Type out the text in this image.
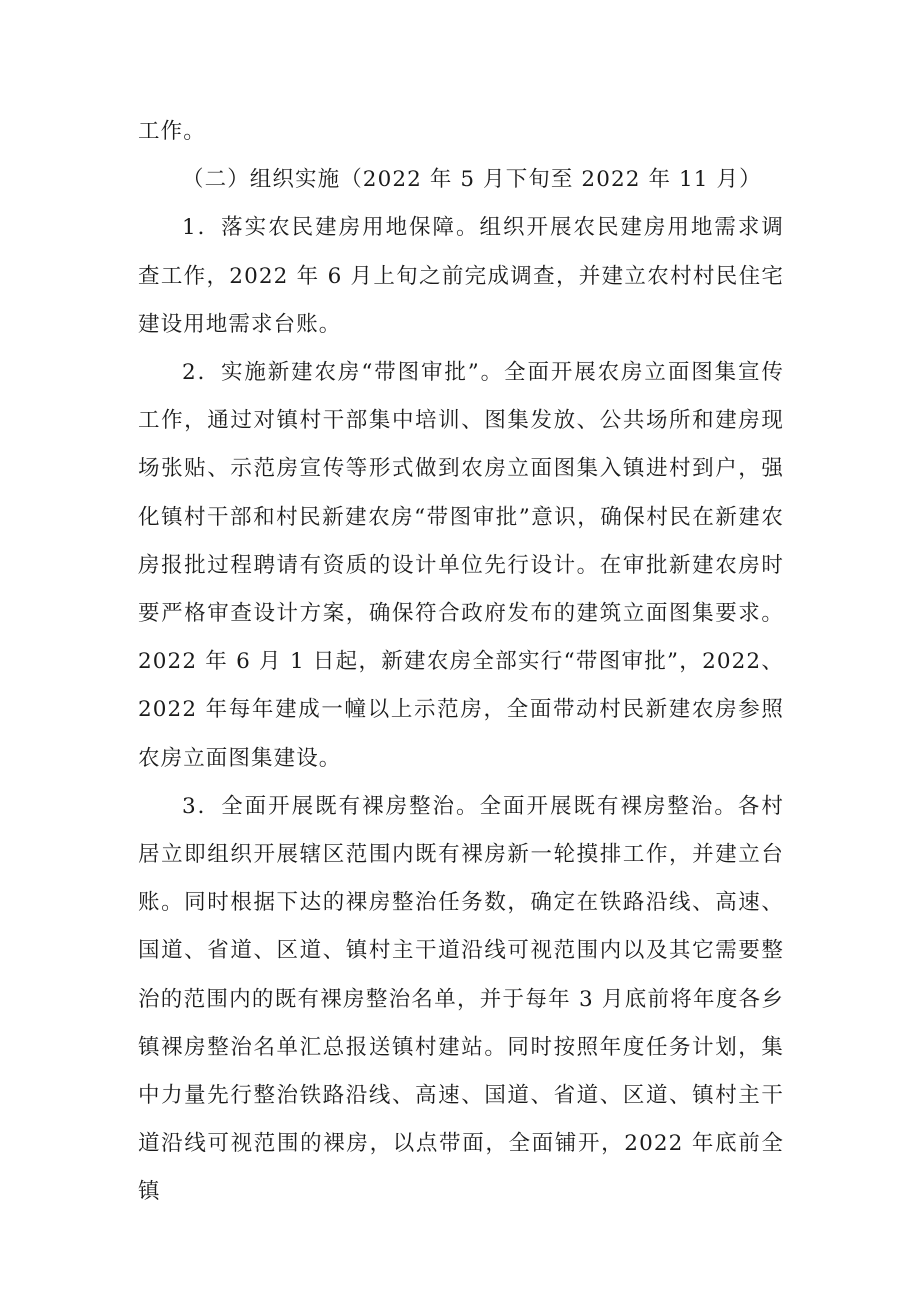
工作。

（二）组织实施（2022 年 5 月下旬至 2022 年 11 月）

1．落实农民建房用地保障。组织开展农民建房用地需求调查工作，2022 年 6 月上旬之前完成调查，并建立农村村民住宅建设用地需求台账。

2．实施新建农房“带图审批”。全面开展农房立面图集宣传工作，通过对镇村干部集中培训、图集发放、公共场所和建房现场张贴、示范房宣传等形式做到农房立面图集入镇进村到户，强化镇村干部和村民新建农房“带图审批”意识，确保村民在新建农房报批过程聘请有资质的设计单位先行设计。在审批新建农房时要严格审查设计方案，确保符合政府发布的建筑立面图集要求。2022 年 6 月 1 日起，新建农房全部实行“带图审批”，2022、2022 年每年建成一幢以上示范房，全面带动村民新建农房参照农房立面图集建设。

3．全面开展既有裸房整治。全面开展既有裸房整治。各村居立即组织开展辖区范围内既有裸房新一轮摸排工作，并建立台账。同时根据下达的裸房整治任务数，确定在铁路沿线、高速、国道、省道、区道、镇村主干道沿线可视范围内以及其它需要整治的范围内的既有裸房整治名单，并于每年 3 月底前将年度各乡镇裸房整治名单汇总报送镇村建站。同时按照年度任务计划，集中力量先行整治铁路沿线、高速、国道、省道、区道、镇村主干道沿线可视范围的裸房，以点带面，全面铺开，2022 年底前全镇
